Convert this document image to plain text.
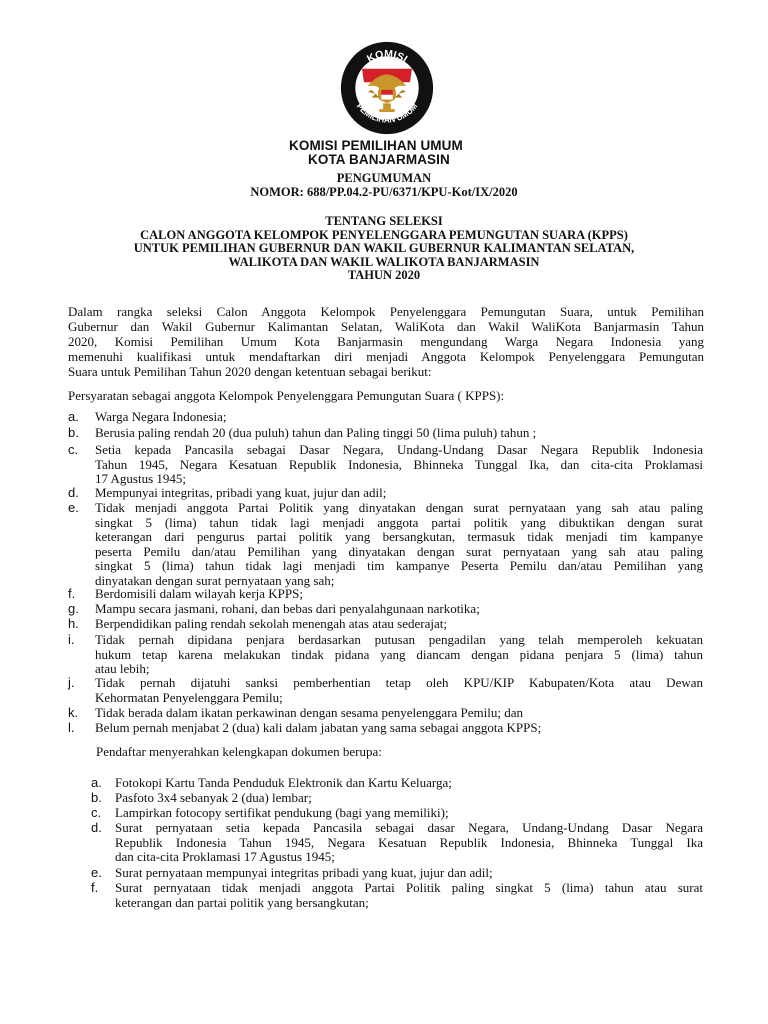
KOMISI
PEMILIHAN UMUM
KOMISI PEMILIHAN UMUM
KOTA BANJARMASIN
PENGUMUMAN
NOMOR: 688/PP.04.2-PU/6371/KPU-Kot/IX/2020
TENTANG SELEKSI
CALON ANGGOTA KELOMPOK PENYELENGGARA PEMUNGUTAN SUARA (KPPS)
UNTUK PEMILIHAN GUBERNUR DAN WAKIL GUBERNUR KALIMANTAN SELATAN,
WALIKOTA DAN WAKIL WALIKOTA BANJARMASIN
TAHUN 2020
Dalam rangka seleksi Calon Anggota Kelompok Penyelenggara Pemungutan Suara, untuk Pemilihan
Gubernur dan Wakil Gubernur Kalimantan Selatan, WaliKota dan Wakil WaliKota Banjarmasin Tahun
2020, Komisi Pemilihan Umum Kota Banjarmasin mengundang Warga Negara Indonesia yang
memenuhi kualifikasi untuk mendaftarkan diri menjadi Anggota Kelompok Penyelenggara Pemungutan
Suara untuk Pemilihan Tahun 2020 dengan ketentuan sebagai berikut:
Persyaratan sebagai anggota Kelompok Penyelenggara Pemungutan Suara ( KPPS):
a. Warga Negara Indonesia;
b. Berusia paling rendah 20 (dua puluh) tahun dan Paling tinggi 50 (lima puluh) tahun ;
c. Setia kepada Pancasila sebagai Dasar Negara, Undang-Undang Dasar Negara Republik Indonesia
Tahun 1945, Negara Kesatuan Republik Indonesia, Bhinneka Tunggal Ika, dan cita-cita Proklamasi
17 Agustus 1945;
d. Mempunyai integritas, pribadi yang kuat, jujur dan adil;
e. Tidak menjadi anggota Partai Politik yang dinyatakan dengan surat pernyataan yang sah atau paling
singkat 5 (lima) tahun tidak lagi menjadi anggota partai politik yang dibuktikan dengan surat
keterangan dari pengurus partai politik yang bersangkutan, termasuk tidak menjadi tim kampanye
peserta Pemilu dan/atau Pemilihan yang dinyatakan dengan surat pernyataan yang sah atau paling
singkat 5 (lima) tahun tidak lagi menjadi tim kampanye Peserta Pemilu dan/atau Pemilihan yang
dinyatakan dengan surat pernyataan yang sah;
f. Berdomisili dalam wilayah kerja KPPS;
g. Mampu secara jasmani, rohani, dan bebas dari penyalahgunaan narkotika;
h. Berpendidikan paling rendah sekolah menengah atas atau sederajat;
i. Tidak pernah dipidana penjara berdasarkan putusan pengadilan yang telah memperoleh kekuatan
hukum tetap karena melakukan tindak pidana yang diancam dengan pidana penjara 5 (lima) tahun
atau lebih;
j. Tidak pernah dijatuhi sanksi pemberhentian tetap oleh KPU/KIP Kabupaten/Kota atau Dewan
Kehormatan Penyelenggara Pemilu;
k. Tidak berada dalam ikatan perkawinan dengan sesama penyelenggara Pemilu; dan
l. Belum pernah menjabat 2 (dua) kali dalam jabatan yang sama sebagai anggota KPPS;
Pendaftar menyerahkan kelengkapan dokumen berupa:
a. Fotokopi Kartu Tanda Penduduk Elektronik dan Kartu Keluarga;
b. Pasfoto 3x4 sebanyak 2 (dua) lembar;
c. Lampirkan fotocopy sertifikat pendukung (bagi yang memiliki);
d. Surat pernyataan setia kepada Pancasila sebagai dasar Negara, Undang-Undang Dasar Negara
Republik Indonesia Tahun 1945, Negara Kesatuan Republik Indonesia, Bhinneka Tunggal Ika
dan cita-cita Proklamasi 17 Agustus 1945;
e. Surat pernyataan mempunyai integritas pribadi yang kuat, jujur dan adil;
f. Surat pernyataan tidak menjadi anggota Partai Politik paling singkat 5 (lima) tahun atau surat
keterangan dan partai politik yang bersangkutan;
